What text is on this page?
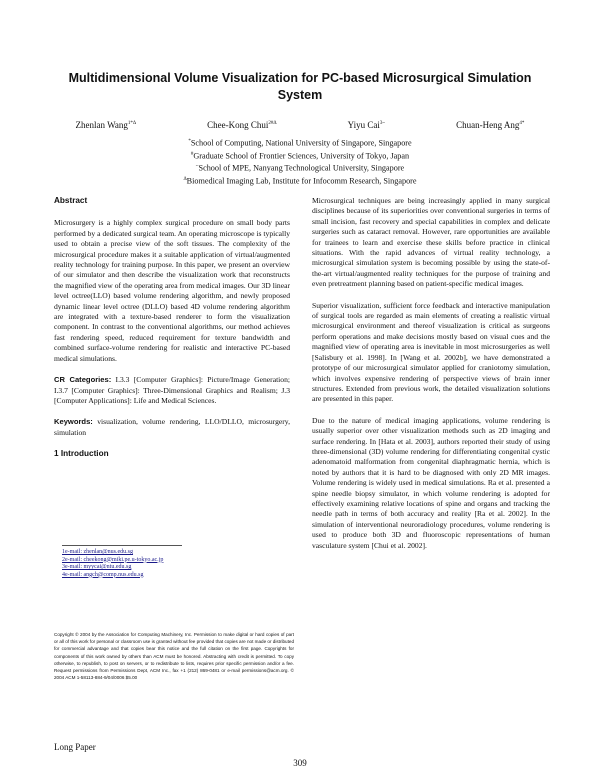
Multidimensional Volume Visualization for PC-based Microsurgical Simulation System
Zhenlan Wang$^{1*\Delta}$	Chee-Kong Chui$^{2\#\Delta}$	Yiyu Cai$^{3\sim}$	Chuan-Heng Ang$^{4*}$
*School of Computing, National University of Singapore, Singapore
#Graduate School of Frontier Sciences, University of Tokyo, Japan
~School of MPE, Nanyang Technological University, Singapore
$^\Delta$Biomedical Imaging Lab, Institute for Infocomm Research, Singapore
Abstract

Microsurgery is a highly complex surgical procedure on small body parts performed by a dedicated surgical team. An operating microscope is typically used to obtain a precise view of the soft tissues. The complexity of the microsurgical procedure makes it a suitable application of virtual/augmented reality technology for training purpose. In this paper, we present an overview of our simulator and then describe the visualization work that reconstructs the magnified view of the operating area from medical images. Our 3D linear level octree(LLO) based volume rendering algorithm, and newly proposed dynamic linear level octree (DLLO) based 4D volume rendering algorithm are integrated with a texture-based renderer to form the visualization component. In contrast to the conventional algorithms, our method achieves fast rendering speed, reduced requirement for texture bandwidth and combined surface-volume rendering for realistic and interactive PC-based medical simulations.

CR Categories: I.3.3 [Computer Graphics]: Picture/Image Generation; I.3.7 [Computer Graphics]: Three-Dimensional Graphics and Realism; J.3 [Computer Applications]: Life and Medical Sciences.

Keywords: visualization, volume rendering, LLO/DLLO, microsurgery, simulation

1 Introduction
1e-mail: zhenlan@nus.edu.sg
2e-mail: cheekong@miki.pe.u-tokyo.ac.jp
3e-mail: myycai@ntu.edu.sg
4e-mail: angch@comp.nus.edu.sg
Copyright © 2004 by the Association for Computing Machinery, Inc. Permission to make digital or hard copies of part or all of this work for personal or classroom use is granted without fee provided that copies are not made or distributed for commercial advantage and that copies bear this notice and the full citation on the first page. Copyrights for components of this work owned by others than ACM must be honored. Abstracting with credit is permitted. To copy otherwise, to republish, to post on servers, or to redistribute to lists, requires prior specific permission and/or a fee. Request permissions from Permissions Dept, ACM Inc., fax +1 (212) 869-0481 or e-mail permissions@acm.org. © 2004 ACM 1-58113-884-9/04/0006 $5.00

Microsurgical techniques are being increasingly applied in many surgical disciplines because of its superiorities over conventional surgeries in terms of small incision, fast recovery and special capabilities in complex and delicate surgeries such as cataract removal. However, rare opportunities are available for trainees to learn and exercise these skills before practice in clinical situations. With the rapid advances of virtual reality technology, a microsurgical simulation system is becoming possible by using the state-of-the-art virtual/augmented reality techniques for the purpose of training and even pretreatment planning based on patient-specific medical images.

Superior visualization, sufficient force feedback and interactive manipulation of surgical tools are regarded as main elements of creating a realistic virtual microsurgical environment and thereof visualization is critical as surgeons perform operations and make decisions mostly based on visual cues and the magnified view of operating area is inevitable in most microsurgeries as well [Salisbury et al. 1998]. In [Wang et al. 2002b], we have demonstrated a prototype of our microsurgical simulator applied for craniotomy simulation, which involves expensive rendering of perspective views of brain inner structures. Extended from previous work, the detailed visualization solutions are presented in this paper.

Due to the nature of medical imaging applications, volume rendering is usually superior over other visualization methods such as 2D imaging and surface rendering. In [Hata et al. 2003], authors reported their study of using three-dimensional (3D) volume rendering for differentiating congenital cystic adenomatoid malformation from congenital diaphragmatic hernia, which is noted by authors that it is hard to be diagnosed with only 2D MR images. Volume rendering is widely used in medical simulations. Ra et al. presented a spine needle biopsy simulator, in which volume rendering is adopted for effectively examining relative locations of spine and organs and tracking the needle path in terms of both accuracy and reality [Ra et al. 2002]. In the simulation of interventional neuroradiology procedures, volume rendering is used to produce both 3D and fluoroscopic representations of human vasculature system [Chui et al. 2002].

Long Paper
309
